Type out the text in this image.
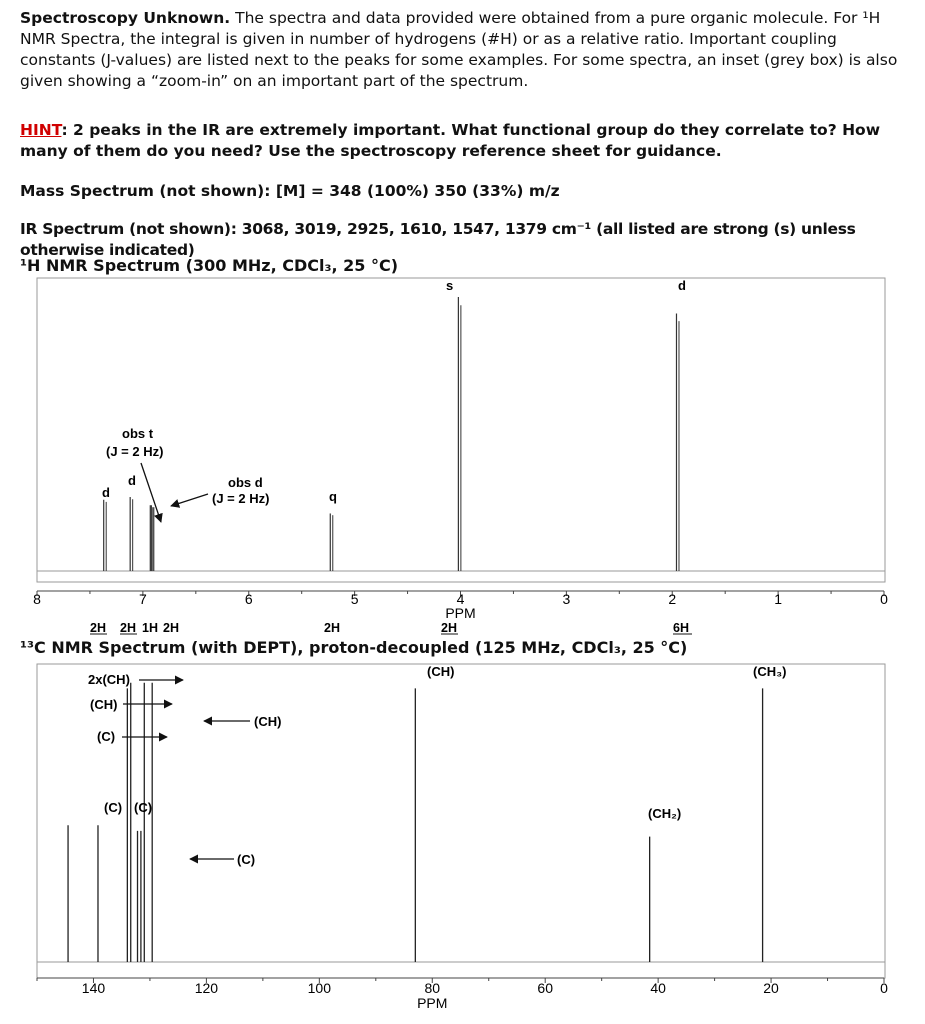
Spectroscopy Unknown. The spectra and data provided were obtained from a pure organic molecule. For ¹H NMR Spectra, the integral is given in number of hydrogens (#H) or as a relative ratio. Important coupling constants (J-values) are listed next to the peaks for some examples. For some spectra, an inset (grey box) is also given showing a “zoom-in” on an important part of the spectrum.
HINT: 2 peaks in the IR are extremely important. What functional group do they correlate to? How many of them do you need? Use the spectroscopy reference sheet for guidance.
Mass Spectrum (not shown): [M] = 348 (100%) 350 (33%) m/z
IR Spectrum (not shown): 3068, 3019, 2925, 1610, 1547, 1379 cm⁻¹ (all listed are strong (s) unless otherwise indicated)
¹H NMR Spectrum (300 MHz, CDCl₃, 25 °C)
¹³C NMR Spectrum (with DEPT), proton-decoupled (125 MHz, CDCl₃, 25 °C)
8	7	6	5	4	3	2	1	0
PPM
d
d
obs t
(J = 2 Hz)
obs d
(J = 2 Hz)	q
s	d
2H 2H 1H 2H	2H	2H	6H
140	120	100	80	60	40	20	0
PPM
2x(CH)
(CH)
(C)
(CH)
(C) (C)
(C)
(CH)
(CH₂)
(CH₃)
